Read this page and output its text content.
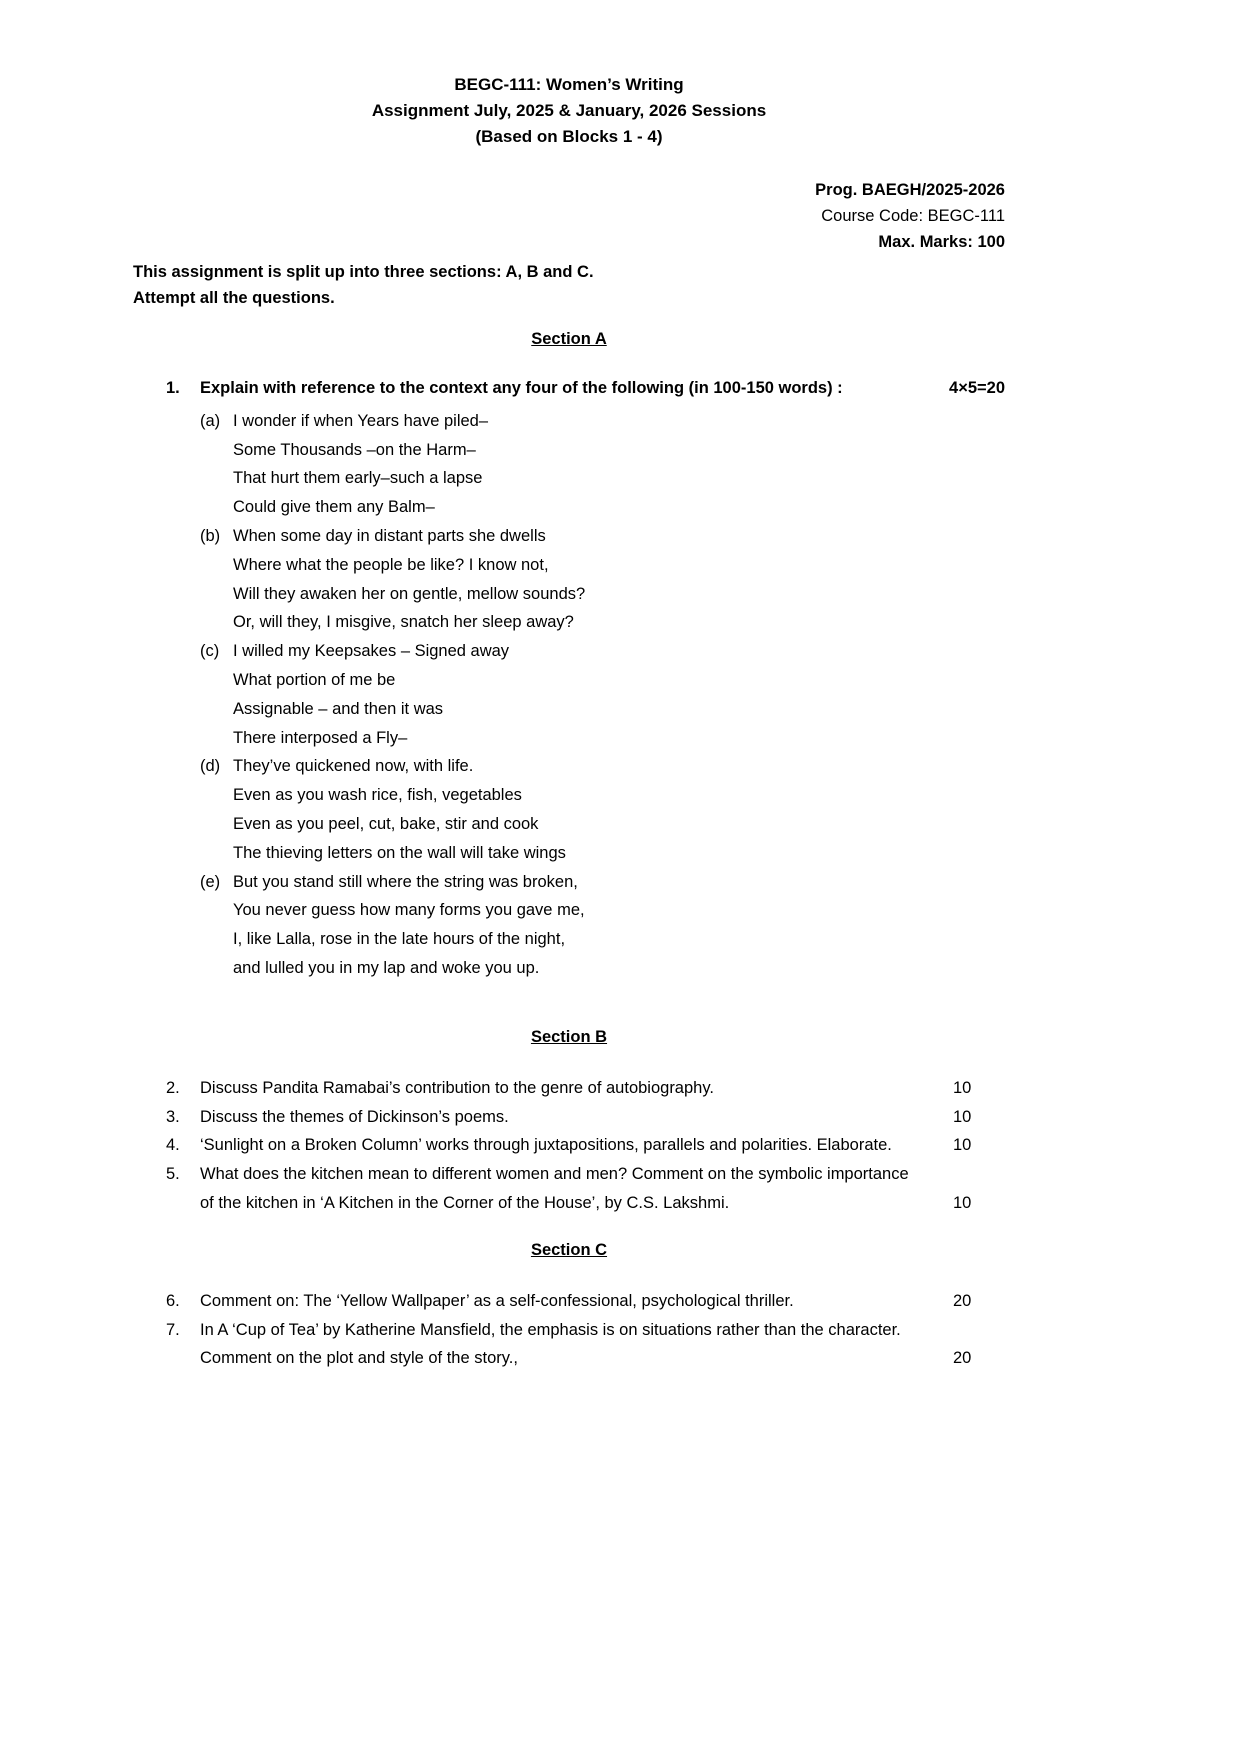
BEGC-111: Women’s Writing
Assignment July, 2025 & January, 2026 Sessions
(Based on Blocks 1 - 4)
Prog. BAEGH/2025-2026
Course Code: BEGC-111
Max. Marks: 100
This assignment is split up into three sections: A, B and C.
Attempt all the questions.
Section A
1.	Explain with reference to the context any four of the following (in 100-150 words) :	4×5=20
(a) I wonder if when Years have piled–
Some Thousands –on the Harm–
That hurt them early–such a lapse
Could give them any Balm–
(b) When some day in distant parts she dwells
Where what the people be like? I know not,
Will they awaken her on gentle, mellow sounds?
Or, will they, I misgive, snatch her sleep away?
(c) I willed my Keepsakes – Signed away
What portion of me be
Assignable – and then it was
There interposed a Fly–
(d) They’ve quickened now, with life.
Even as you wash rice, fish, vegetables
Even as you peel, cut, bake, stir and cook
The thieving letters on the wall will take wings
(e) But you stand still where the string was broken,
You never guess how many forms you gave me,
I, like Lalla, rose in the late hours of the night,
and lulled you in my lap and woke you up.
Section B
2.	Discuss Pandita Ramabai’s contribution to the genre of autobiography.	10
3.	Discuss the themes of Dickinson’s poems.	10
4.	‘Sunlight on a Broken Column’ works through juxtapositions, parallels and polarities. Elaborate.	10
5.	What does the kitchen mean to different women and men? Comment on the symbolic importance of the kitchen in ‘A Kitchen in the Corner of the House’, by C.S. Lakshmi.	10
Section C
6.	Comment on: The ‘Yellow Wallpaper’ as a self-confessional, psychological thriller.	20
7.	In A ‘Cup of Tea’ by Katherine Mansfield, the emphasis is on situations rather than the character. Comment on the plot and style of the story.,	20
